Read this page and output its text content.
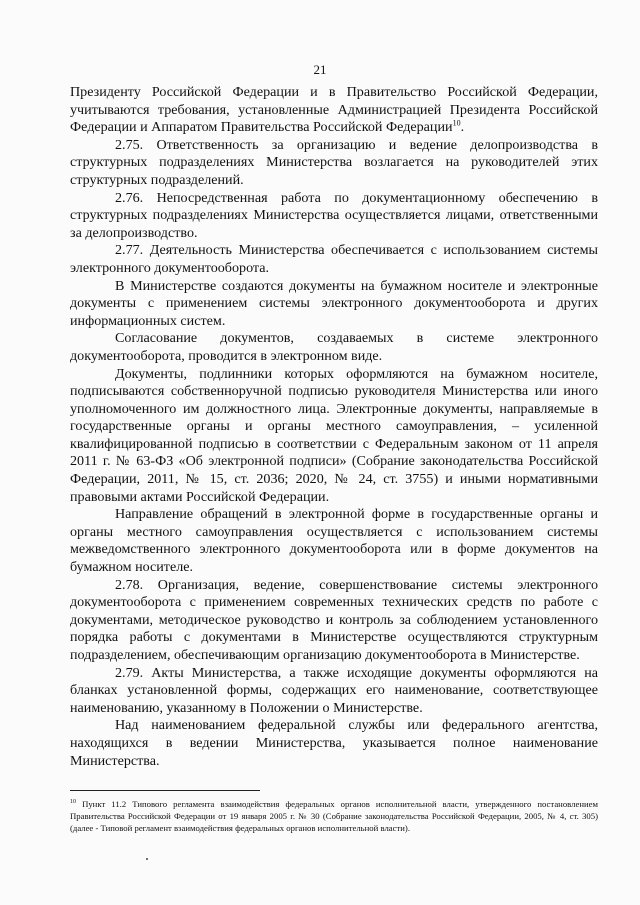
21

Президенту Российской Федерации и в Правительство Российской Федерации, учитываются требования, установленные Администрацией Президента Российской Федерации и Аппаратом Правительства Российской Федерации$^{10}$.

2.75. Ответственность за организацию и ведение делопроизводства в структурных подразделениях Министерства возлагается на руководителей этих структурных подразделений.

2.76. Непосредственная работа по документационному обеспечению в структурных подразделениях Министерства осуществляется лицами, ответственными за делопроизводство.

2.77. Деятельность Министерства обеспечивается с использованием системы электронного документооборота.

В Министерстве создаются документы на бумажном носителе и электронные документы с применением системы электронного документооборота и других информационных систем.

Согласование документов, создаваемых в системе электронного документооборота, проводится в электронном виде.

Документы, подлинники которых оформляются на бумажном носителе, подписываются собственноручной подписью руководителя Министерства или иного уполномоченного им должностного лица. Электронные документы, направляемые в государственные органы и органы местного самоуправления, – усиленной квалифицированной подписью в соответствии с Федеральным законом от 11 апреля 2011 г. № 63-ФЗ «Об электронной подписи» (Собрание законодательства Российской Федерации, 2011, № 15, ст. 2036; 2020, № 24, ст. 3755) и иными нормативными правовыми актами Российской Федерации.

Направление обращений в электронной форме в государственные органы и органы местного самоуправления осуществляется с использованием системы межведомственного электронного документооборота или в форме документов на бумажном носителе.

2.78. Организация, ведение, совершенствование системы электронного документооборота с применением современных технических средств по работе с документами, методическое руководство и контроль за соблюдением установленного порядка работы с документами в Министерстве осуществляются структурным подразделением, обеспечивающим организацию документооборота в Министерстве.

2.79. Акты Министерства, а также исходящие документы оформляются на бланках установленной формы, содержащих его наименование, соответствующее наименованию, указанному в Положении о Министерстве.

Над наименованием федеральной службы или федерального агентства, находящихся в ведении Министерства, указывается полное наименование Министерства.

$^{10}$ Пункт 11.2 Типового регламента взаимодействия федеральных органов исполнительной власти, утвержденного постановлением Правительства Российской Федерации от 19 января 2005 г. № 30 (Собрание законодательства Российской Федерации, 2005, № 4, ст. 305) (далее - Типовой регламент взаимодействия федеральных органов исполнительной власти).
